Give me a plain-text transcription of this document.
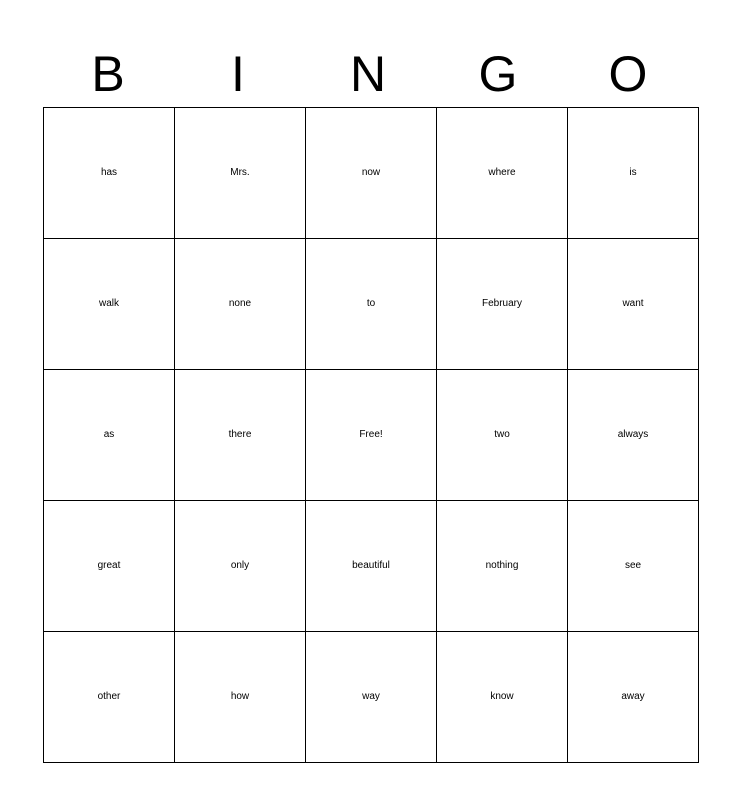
B	I	N	G	O
has	Mrs.	now	where	is
walk	none	to	February	want
as	there	Free!	two	always
great	only	beautiful	nothing	see
other	how	way	know	away
